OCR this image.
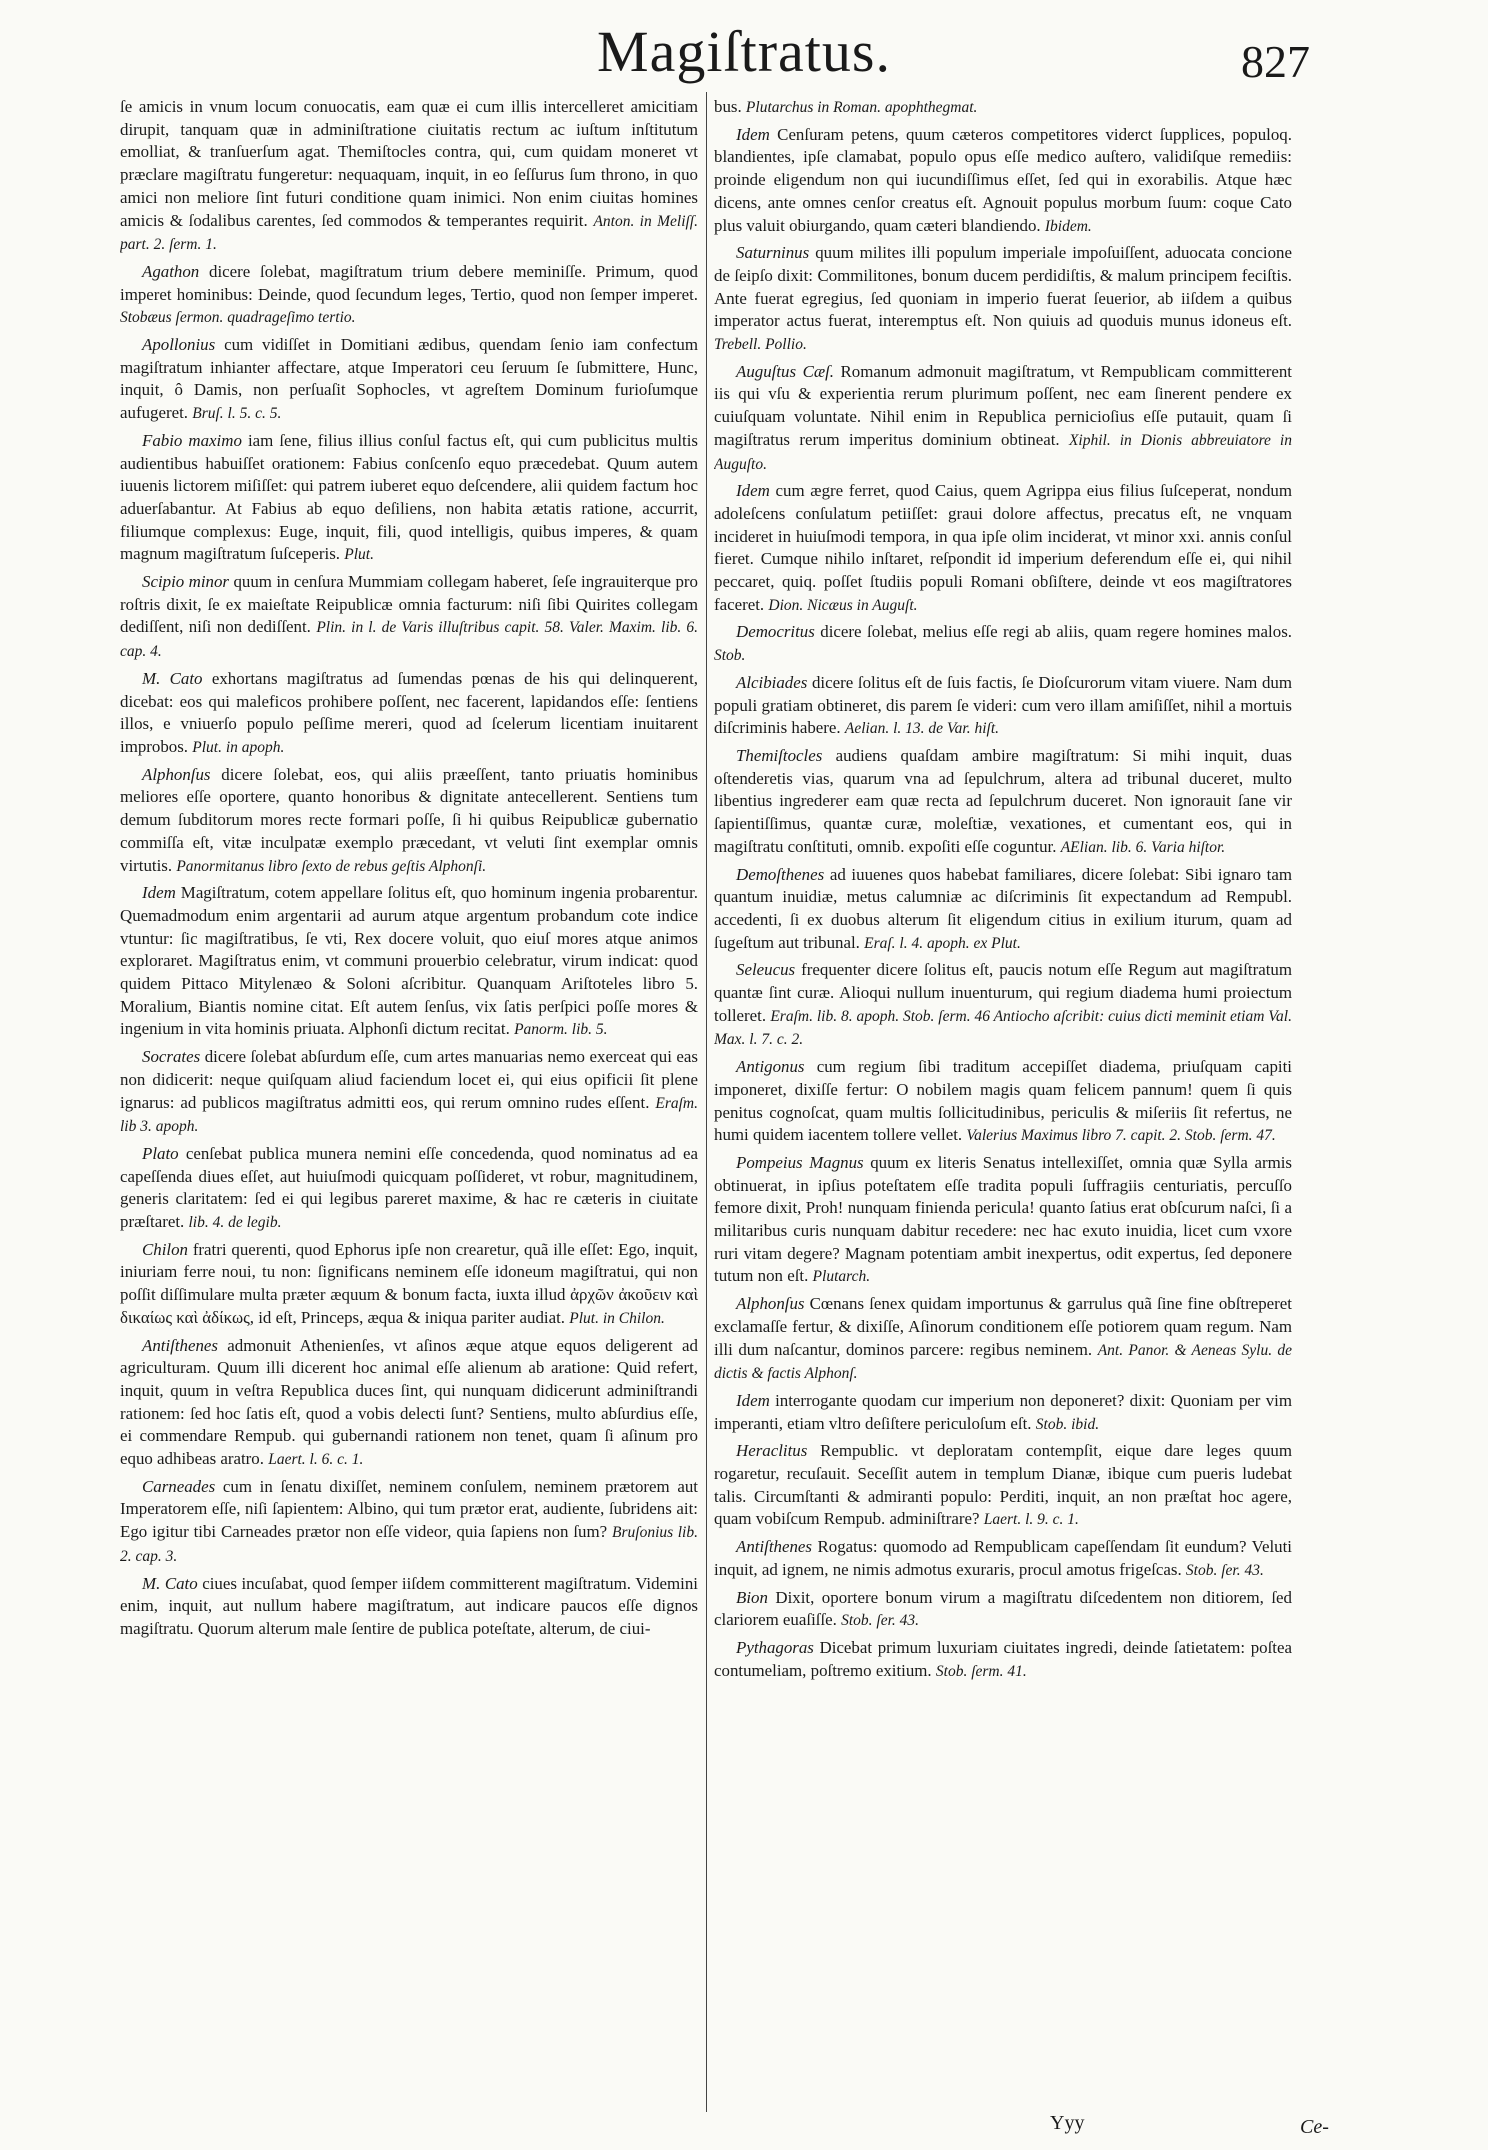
Magiſtratus.	827

ſe amicis in vnum locum conuocatis, eam quæ ei cum illis intercelleret amicitiam dirupit, tanquam quæ in adminiſtratione ciuitatis rectum ac iuſtum inſtitutum emolliat, & tranſuerſum agat. Themiſtocles contra, qui, cum quidam moneret vt præclare magiſtratu fungeretur: nequaquam, inquit, in eo ſeſſurus ſum throno, in quo amici non meliore ſint futuri conditione quam inimici. Non enim ciuitas homines amicis & ſodalibus carentes, ſed commodos & temperantes requirit. Anton. in Meliſſ. part. 2. ſerm. 1.

Agathon dicere ſolebat, magiſtratum trium debere meminiſſe. Primum, quod imperet hominibus: Deinde, quod ſecundum leges, Tertio, quod non ſemper imperet. Stobæus ſermon. quadrageſimo tertio.

Apollonius cum vidiſſet in Domitiani ædibus, quendam ſenio iam confectum magiſtratum inhianter affectare, atque Imperatori ceu ſeruum ſe ſubmittere, Hunc, inquit, ô Damis, non perſuaſit Sophocles, vt agreſtem Dominum furioſumque aufugeret. Bruſ. l. 5. c. 5.

Fabio maximo iam ſene, filius illius conſul factus eſt, qui cum publicitus multis audientibus habuiſſet orationem: Fabius conſcenſo equo præcedebat. Quum autem iuuenis lictorem miſiſſet: qui patrem iuberet equo deſcendere, alii quidem factum hoc aduerſabantur. At Fabius ab equo deſiliens, non habita ætatis ratione, accurrit, filiumque complexus: Euge, inquit, fili, quod intelligis, quibus imperes, & quam magnum magiſtratum ſuſceperis. Plut.

Scipio minor quum in cenſura Mummiam collegam haberet, ſeſe ingrauiterque pro roſtris dixit, ſe ex maieſtate Reipublicæ omnia facturum: niſi ſibi Quirites collegam dediſſent, niſi non dediſſent. Plin. in l. de Varis illuſtribus capit. 58. Valer. Maxim. lib. 6. cap. 4.

M. Cato exhortans magiſtratus ad ſumendas pœnas de his qui delinquerent, dicebat: eos qui maleficos prohibere poſſent, nec facerent, lapidandos eſſe: ſentiens illos, e vniuerſo populo peſſime mereri, quod ad ſcelerum licentiam inuitarent improbos. Plut. in apoph.

Alphonſus dicere ſolebat, eos, qui aliis præeſſent, tanto priuatis hominibus meliores eſſe oportere, quanto honoribus & dignitate antecellerent. Sentiens tum demum ſubditorum mores recte formari poſſe, ſi hi quibus Reipublicæ gubernatio commiſſa eſt, vitæ inculpatæ exemplo præcedant, vt veluti ſint exemplar omnis virtutis. Panormitanus libro ſexto de rebus geſtis Alphonſi.

Idem Magiſtratum, cotem appellare ſolitus eſt, quo hominum ingenia probarentur. Quemadmodum enim argentarii ad aurum atque argentum probandum cote indice vtuntur: ſic magiſtratibus, ſe vti, Rex docere voluit, quo eiuſ mores atque animos exploraret. Magiſtratus enim, vt communi prouerbio celebratur, virum indicat: quod quidem Pittaco Mitylenæo & Soloni aſcribitur. Quanquam Ariſtoteles libro 5. Moralium, Biantis nomine citat. Eſt autem ſenſus, vix ſatis perſpici poſſe mores & ingenium in vita hominis priuata. Alphonſi dictum recitat. Panorm. lib. 5.

Socrates dicere ſolebat abſurdum eſſe, cum artes manuarias nemo exerceat qui eas non didicerit: neque quiſquam aliud faciendum locet ei, qui eius opificii ſit plene ignarus: ad publicos magiſtratus admitti eos, qui rerum omnino rudes eſſent. Eraſm. lib 3. apoph.

Plato cenſebat publica munera nemini eſſe concedenda, quod nominatus ad ea capeſſenda diues eſſet, aut huiuſmodi quicquam poſſideret, vt robur, magnitudinem, generis claritatem: ſed ei qui legibus pareret maxime, & hac re cæteris in ciuitate præſtaret. lib. 4. de legib.

Chilon fratri querenti, quod Ephorus ipſe non crearetur, quã ille eſſet: Ego, inquit, iniuriam ferre noui, tu non: ſignificans neminem eſſe idoneum magiſtratui, qui non poſſit diſſimulare multa præter æquum & bonum facta, iuxta illud ἀρχῶν ἀκοῦειν καὶ δικαίως καὶ ἀδίκως, id eſt, Princeps, æqua & iniqua pariter audiat. Plut. in Chilon.

Antiſthenes admonuit Athenienſes, vt aſinos æque atque equos deligerent ad agriculturam. Quum illi dicerent hoc animal eſſe alienum ab aratione: Quid refert, inquit, quum in veſtra Republica duces ſint, qui nunquam didicerunt adminiſtrandi rationem: ſed hoc ſatis eſt, quod a vobis delecti ſunt? Sentiens, multo abſurdius eſſe, ei commendare Rempub. qui gubernandi rationem non tenet, quam ſi aſinum pro equo adhibeas aratro. Laert. l. 6. c. 1.

Carneades cum in ſenatu dixiſſet, neminem conſulem, neminem prætorem aut Imperatorem eſſe, niſi ſapientem: Albino, qui tum prætor erat, audiente, ſubridens ait: Ego igitur tibi Carneades prætor non eſſe videor, quia ſapiens non ſum? Bruſonius lib. 2. cap. 3.

M. Cato ciues incuſabat, quod ſemper iiſdem committerent magiſtratum. Videmini enim, inquit, aut nullum habere magiſtratum, aut indicare paucos eſſe dignos magiſtratu. Quorum alterum male ſentire de publica poteſtate, alterum, de ciui-

bus. Plutarchus in Roman. apophthegmat.

Idem Cenſuram petens, quum cæteros competitores viderct ſupplices, populoq. blandientes, ipſe clamabat, populo opus eſſe medico auſtero, validiſque remediis: proinde eligendum non qui iucundiſſimus eſſet, ſed qui in exorabilis. Atque hæc dicens, ante omnes cenſor creatus eſt. Agnouit populus morbum ſuum: coque Cato plus valuit obiurgando, quam cæteri blandiendo. Ibidem.

Saturninus quum milites illi populum imperiale impoſuiſſent, aduocata concione de ſeipſo dixit: Commilitones, bonum ducem perdidiſtis, & malum principem feciſtis. Ante fuerat egregius, ſed quoniam in imperio fuerat ſeuerior, ab iiſdem a quibus imperator actus fuerat, interemptus eſt. Non quiuis ad quoduis munus idoneus eſt. Trebell. Pollio.

Auguſtus Cæſ. Romanum admonuit magiſtratum, vt Rempublicam committerent iis qui vſu & experientia rerum plurimum poſſent, nec eam ſinerent pendere ex cuiuſquam voluntate. Nihil enim in Republica pernicioſius eſſe putauit, quam ſi magiſtratus rerum imperitus dominium obtineat. Xiphil. in Dionis abbreuiatore in Auguſto.

Idem cum ægre ferret, quod Caius, quem Agrippa eius filius ſuſceperat, nondum adoleſcens conſulatum petiiſſet: graui dolore affectus, precatus eſt, ne vnquam incideret in huiuſmodi tempora, in qua ipſe olim inciderat, vt minor xxi. annis conſul fieret. Cumque nihilo inſtaret, reſpondit id imperium deferendum eſſe ei, qui nihil peccaret, quiq. poſſet ſtudiis populi Romani obſiſtere, deinde vt eos magiſtratores faceret. Dion. Nicæus in Auguſt.

Democritus dicere ſolebat, melius eſſe regi ab aliis, quam regere homines malos. Stob.

Alcibiades dicere ſolitus eſt de ſuis factis, ſe Dioſcurorum vitam viuere. Nam dum populi gratiam obtineret, dis parem ſe videri: cum vero illam amiſiſſet, nihil a mortuis diſcriminis habere. Aelian. l. 13. de Var. hiſt.

Themiſtocles audiens quaſdam ambire magiſtratum: Si mihi inquit, duas oſtenderetis vias, quarum vna ad ſepulchrum, altera ad tribunal duceret, multo libentius ingrederer eam quæ recta ad ſepulchrum duceret. Non ignorauit ſane vir ſapientiſſimus, quantæ curæ, moleſtiæ, vexationes, et cumentant eos, qui in magiſtratu conſtituti, omnib. expoſiti eſſe coguntur. AElian. lib. 6. Varia hiſtor.

Demoſthenes ad iuuenes quos habebat familiares, dicere ſolebat: Sibi ignaro tam quantum inuidiæ, metus calumniæ ac diſcriminis ſit expectandum ad Rempubl. accedenti, ſi ex duobus alterum ſit eligendum citius in exilium iturum, quam ad ſugeſtum aut tribunal. Eraſ. l. 4. apoph. ex Plut.

Seleucus frequenter dicere ſolitus eſt, paucis notum eſſe Regum aut magiſtratum quantæ ſint curæ. Alioqui nullum inuenturum, qui regium diadema humi proiectum tolleret. Eraſm. lib. 8. apoph. Stob. ſerm. 46 Antiocho aſcribit: cuius dicti meminit etiam Val. Max. l. 7. c. 2.

Antigonus cum regium ſibi traditum accepiſſet diadema, priuſquam capiti imponeret, dixiſſe fertur: O nobilem magis quam felicem pannum! quem ſi quis penitus cognoſcat, quam multis ſollicitudinibus, periculis & miſeriis ſit refertus, ne humi quidem iacentem tollere vellet. Valerius Maximus libro 7. capit. 2. Stob. ſerm. 47.

Pompeius Magnus quum ex literis Senatus intellexiſſet, omnia quæ Sylla armis obtinuerat, in ipſius poteſtatem eſſe tradita populi ſuffragiis centuriatis, percuſſo femore dixit, Proh! nunquam finienda pericula! quanto ſatius erat obſcurum naſci, ſi a militaribus curis nunquam dabitur recedere: nec hac exuto inuidia, licet cum vxore ruri vitam degere? Magnam potentiam ambit inexpertus, odit expertus, ſed deponere tutum non eſt. Plutarch.

Alphonſus Cœnans ſenex quidam importunus & garrulus quã ſine fine obſtreperet exclamaſſe fertur, & dixiſſe, Aſinorum conditionem eſſe potiorem quam regum. Nam illi dum naſcantur, dominos parcere: regibus neminem. Ant. Panor. & Aeneas Sylu. de dictis & factis Alphonſ.

Idem interrogante quodam cur imperium non deponeret? dixit: Quoniam per vim imperanti, etiam vltro deſiſtere periculoſum eſt. Stob. ibid.

Heraclitus Rempublic. vt deploratam contempſit, eique dare leges quum rogaretur, recuſauit. Seceſſit autem in templum Dianæ, ibique cum pueris ludebat talis. Circumſtanti & admiranti populo: Perditi, inquit, an non præſtat hoc agere, quam vobiſcum Rempub. adminiſtrare? Laert. l. 9. c. 1.

Antiſthenes Rogatus: quomodo ad Rempublicam capeſſendam ſit eundum? Veluti inquit, ad ignem, ne nimis admotus exuraris, procul amotus frigeſcas. Stob. ſer. 43.

Bion Dixit, oportere bonum virum a magiſtratu diſcedentem non ditiorem, ſed clariorem euaſiſſe. Stob. ſer. 43.

Pythagoras Dicebat primum luxuriam ciuitates ingredi, deinde ſatietatem: poſtea contumeliam, poſtremo exitium. Stob. ſerm. 41.

Yyy	Ce-
